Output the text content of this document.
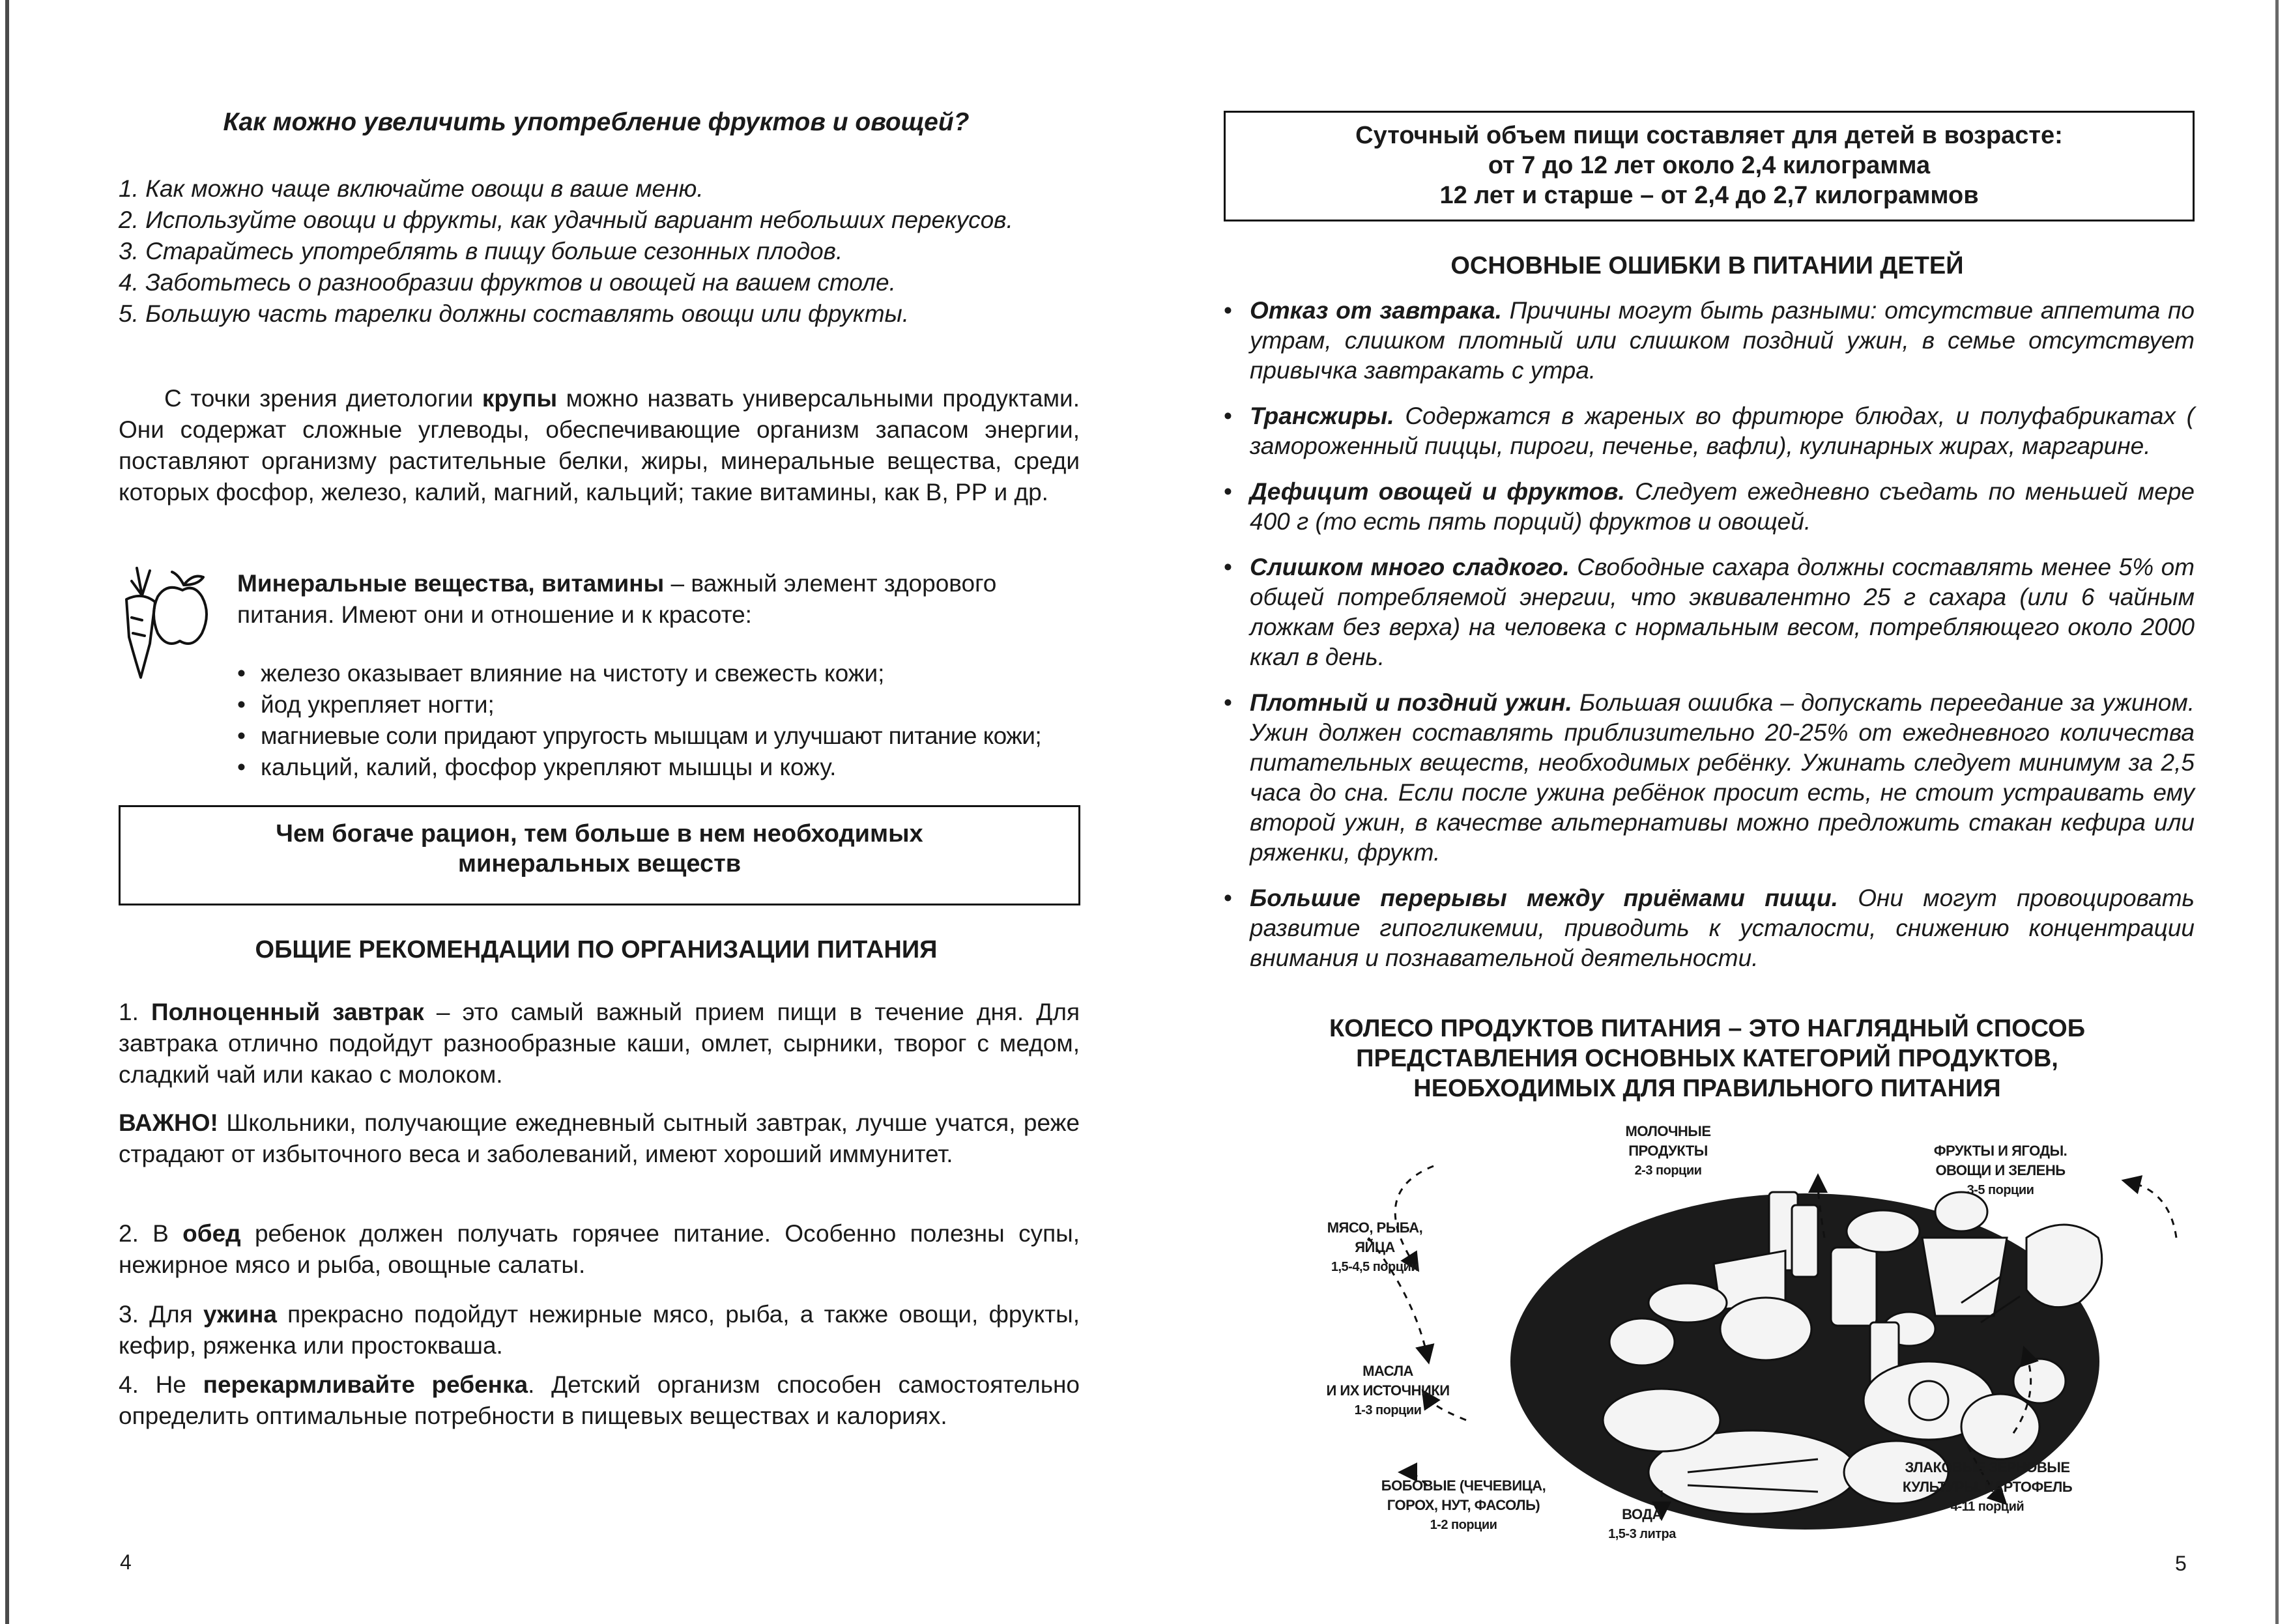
Как можно увеличить употребление фруктов и овощей?

1. Как можно чаще включайте овощи в ваше меню.

2. Используйте овощи и фрукты, как удачный вариант небольших перекусов.

3. Старайтесь употреблять в пищу больше сезонных плодов.

4. Заботьтесь о разнообразии фруктов и овощей на вашем столе.

5. Большую часть тарелки должны составлять овощи или фрукты.

С точки зрения диетологии крупы можно назвать универсальными продуктами. Они содержат сложные углеводы, обеспечивающие организм запасом энергии, поставляют организму растительные белки, жиры, минеральные вещества, среди которых фосфор, железо, калий, магний, кальций; такие витамины, как В, РР и др.

Минеральные вещества, витамины – важный элемент здорового питания. Имеют они и отношение и к красоте:

• железо оказывает влияние на чистоту и свежесть кожи;
• йод укрепляет ногти;
• магниевые соли придают упругость мышцам и улучшают питание кожи;
• кальций, калий, фосфор укрепляют мышцы и кожу.

Чем богаче рацион, тем больше в нем необходимых

минеральных веществ

ОБЩИЕ РЕКОМЕНДАЦИИ ПО ОРГАНИЗАЦИИ ПИТАНИЯ

1. Полноценный завтрак – это самый важный прием пищи в течение дня. Для завтрака отлично подойдут разнообразные каши, омлет, сырники, творог с медом, сладкий чай или какао с молоком.

ВАЖНО! Школьники, получающие ежедневный сытный завтрак, лучше учатся, реже страдают от избыточного веса и заболеваний, имеют хороший иммунитет.

2. В обед ребенок должен получать горячее питание. Особенно полезны супы, нежирное мясо и рыба, овощные салаты.

3. Для ужина прекрасно подойдут нежирные мясо, рыба, а также овощи, фрукты, кефир, ряженка или простокваша.

4. Не перекармливайте ребенка. Детский организм способен самостоятельно определить оптимальные потребности в пищевых веществах и калориях.

4

Суточный объем пищи составляет для детей в возрасте:

от 7 до 12 лет около 2,4 килограмма

12 лет и старше – от 2,4 до 2,7 килограммов

ОСНОВНЫЕ ОШИБКИ В ПИТАНИИ ДЕТЕЙ
• Отказ от завтрака. Причины могут быть разными: отсутствие аппетита по утрам, слишком плотный или слишком поздний ужин, в семье отсутствует привычка завтракать с утра.
• Трансжиры. Содержатся в жареных во фритюре блюдах, и полуфабрикатах ( замороженный пиццы, пироги, печенье, вафли), кулинарных жирах, маргарине.
• Дефицит овощей и фруктов. Следует ежедневно съедать по меньшей мере 400 г (то есть пять порций) фруктов и овощей.
• Слишком много сладкого. Свободные сахара должны составлять менее 5% от общей потребляемой энергии, что эквивалентно 25 г сахара (или 6 чайным ложкам без верха) на человека с нормальным весом, потребляющего около 2000 ккал в день.
• Плотный и поздний ужин. Большая ошибка – допускать переедание за ужином. Ужин должен составлять приблизительно 20-25% от ежедневного количества питательных веществ, необходимых ребёнку. Ужинать следует минимум за 2,5 часа до сна. Если после ужина ребёнок просит есть, не стоит устраивать ему второй ужин, в качестве альтернативы можно предложить стакан кефира или ряженки, фрукт.
• Большие перерывы между приёмами пищи. Они могут провоцировать развитие гипогликемии, приводить к усталости, снижению концентрации внимания и познавательной деятельности.
КОЛЕСО ПРОДУКТОВ ПИТАНИЯ – ЭТО НАГЛЯДНЫЙ СПОСОБ
ПРЕДСТАВЛЕНИЯ ОСНОВНЫХ КАТЕГОРИЙ ПРОДУКТОВ,
НЕОБХОДИМЫХ ДЛЯ ПРАВИЛЬНОГО ПИТАНИЯ
МОЛОЧНЫЕ
ПРОДУКТЫ
2-3 порции
ФРУКТЫ И ЯГОДЫ.
ОВОЩИ И ЗЕЛЕНЬ
3-5 порции
МЯСО, РЫБА,
ЯЙЦА
1,5-4,5 порции
МАСЛА
И ИХ ИСТОЧНИКИ
1-3 порции
БОБОВЫЕ (ЧЕЧЕВИЦА,
ГОРОХ, НУТ, ФАСОЛЬ)
1-2 порции
ВОДА
1,5-3 литра
ЗЛАКОВЫЕ ЗЕРНОВЫЕ
КУЛЬТУРЫ, КАРТОФЕЛЬ
4-11 порций
5
